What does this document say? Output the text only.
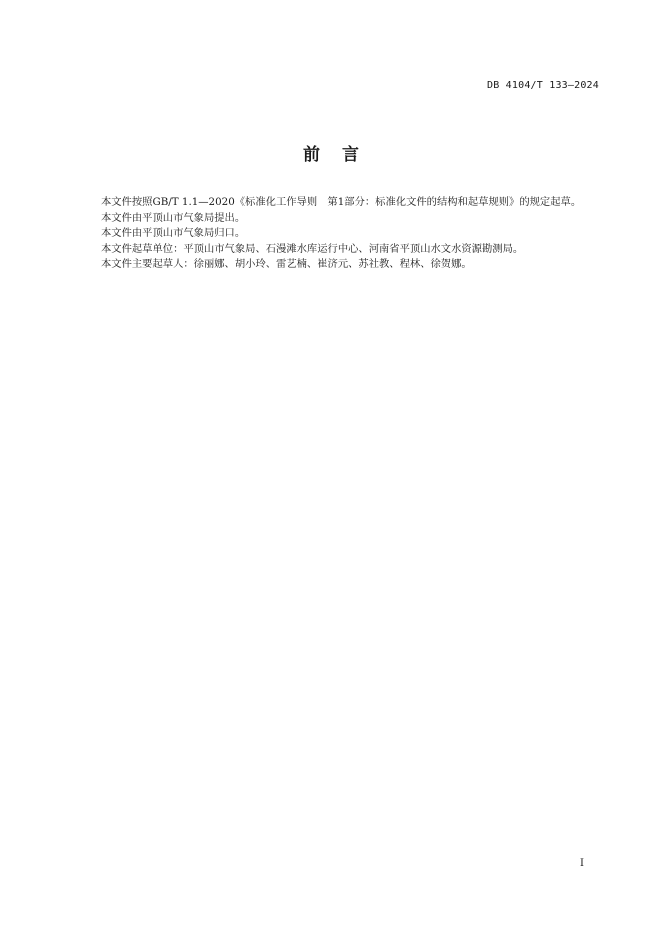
DB 4104/T 133—2024
前言

本文件按照GB/T 1.1—2020《标准化工作导则　第1部分：标准化文件的结构和起草规则》的规定起草。

本文件由平顶山市气象局提出。

本文件由平顶山市气象局归口。

本文件起草单位：平顶山市气象局、石漫滩水库运行中心、河南省平顶山水文水资源勘测局。

本文件主要起草人：徐丽娜、胡小玲、雷艺楠、崔济元、苏社教、程林、徐贺娜。

I
